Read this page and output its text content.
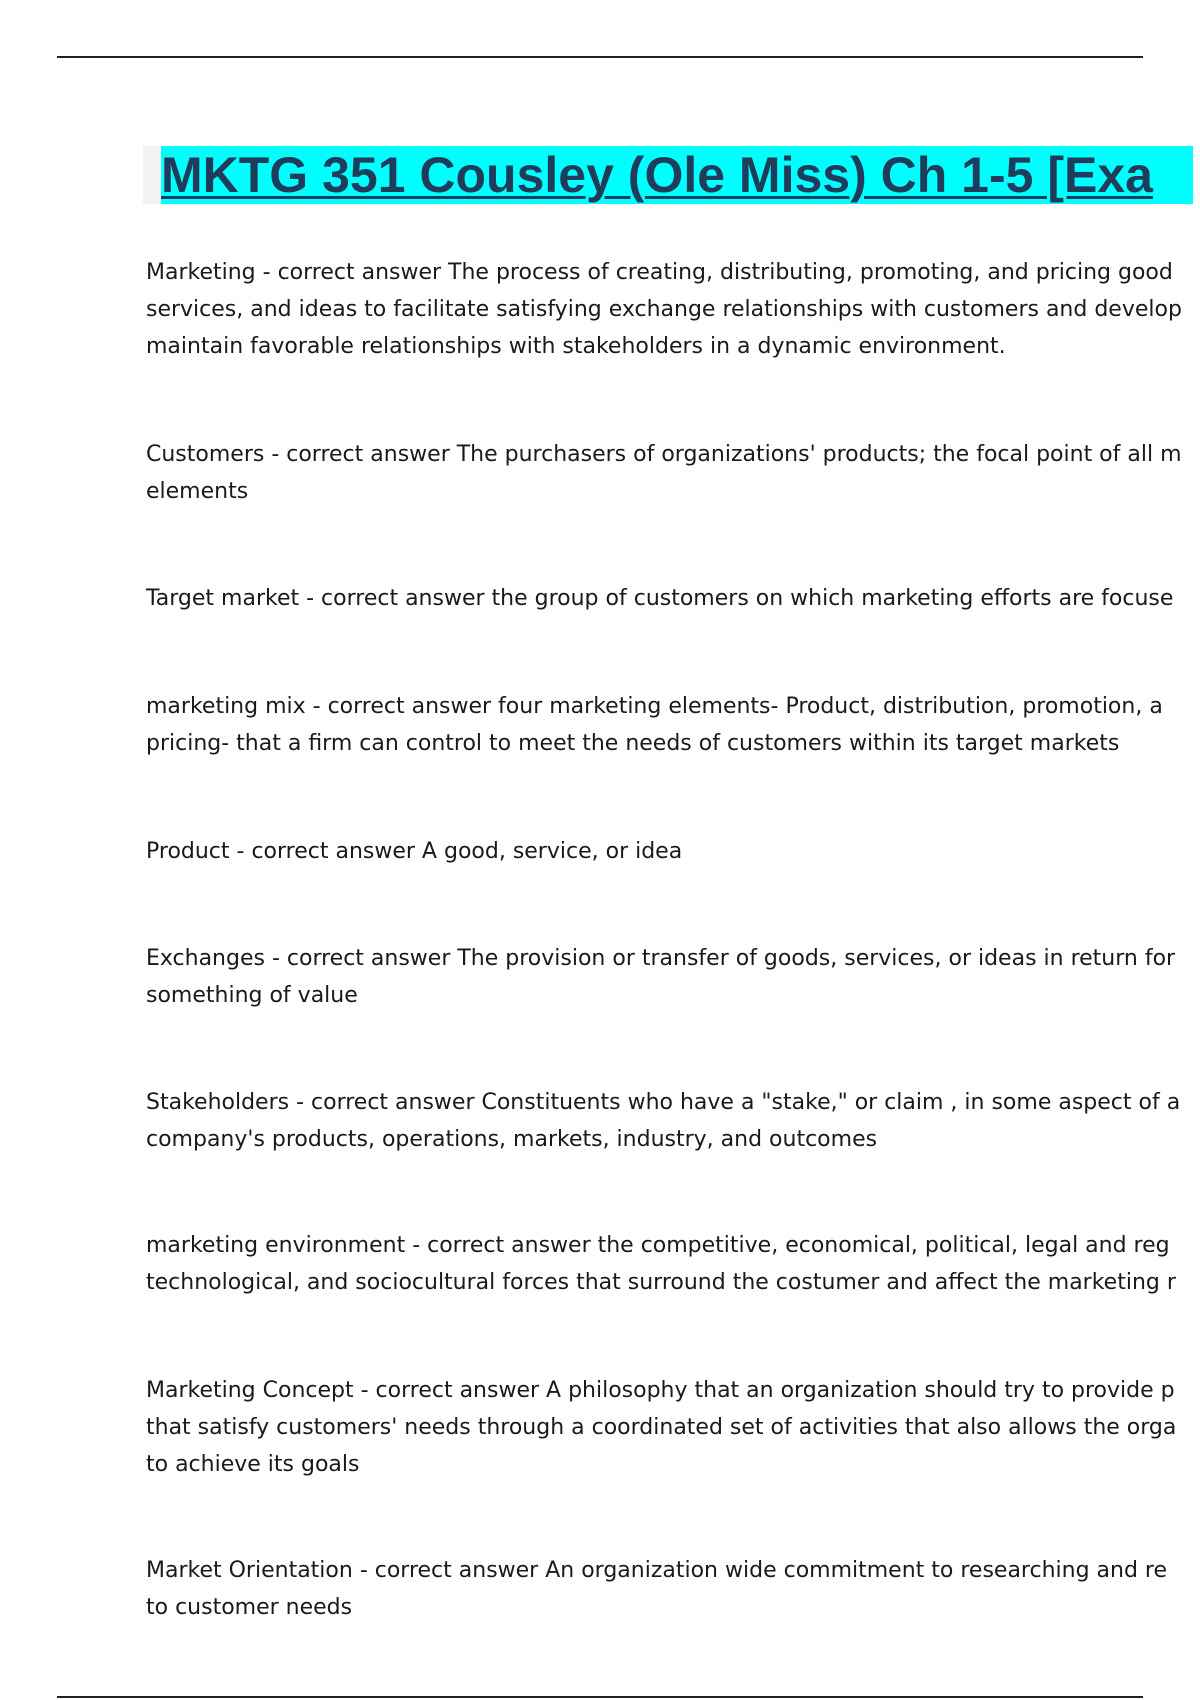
MKTG 351 Cousley (Ole Miss) Ch 1-5 [Exa
Marketing - correct answer The process of creating, distributing, promoting, and pricing good
services, and ideas to facilitate satisfying exchange relationships with customers and develop
maintain favorable relationships with stakeholders in a dynamic environment.
Customers - correct answer The purchasers of organizations' products; the focal point of all m
elements
Target market - correct answer the group of customers on which marketing efforts are focuse
marketing mix - correct answer four marketing elements- Product, distribution, promotion, a
pricing- that a firm can control to meet the needs of customers within its target markets
Product - correct answer A good, service, or idea
Exchanges - correct answer The provision or transfer of goods, services, or ideas in return for
something of value
Stakeholders - correct answer Constituents who have a "stake," or claim , in some aspect of a
company's products, operations, markets, industry, and outcomes
marketing environment - correct answer the competitive, economical, political, legal and reg
technological, and sociocultural forces that surround the costumer and affect the marketing r
Marketing Concept - correct answer A philosophy that an organization should try to provide p
that satisfy customers' needs through a coordinated set of activities that also allows the orga
to achieve its goals
Market Orientation - correct answer An organization wide commitment to researching and re
to customer needs
